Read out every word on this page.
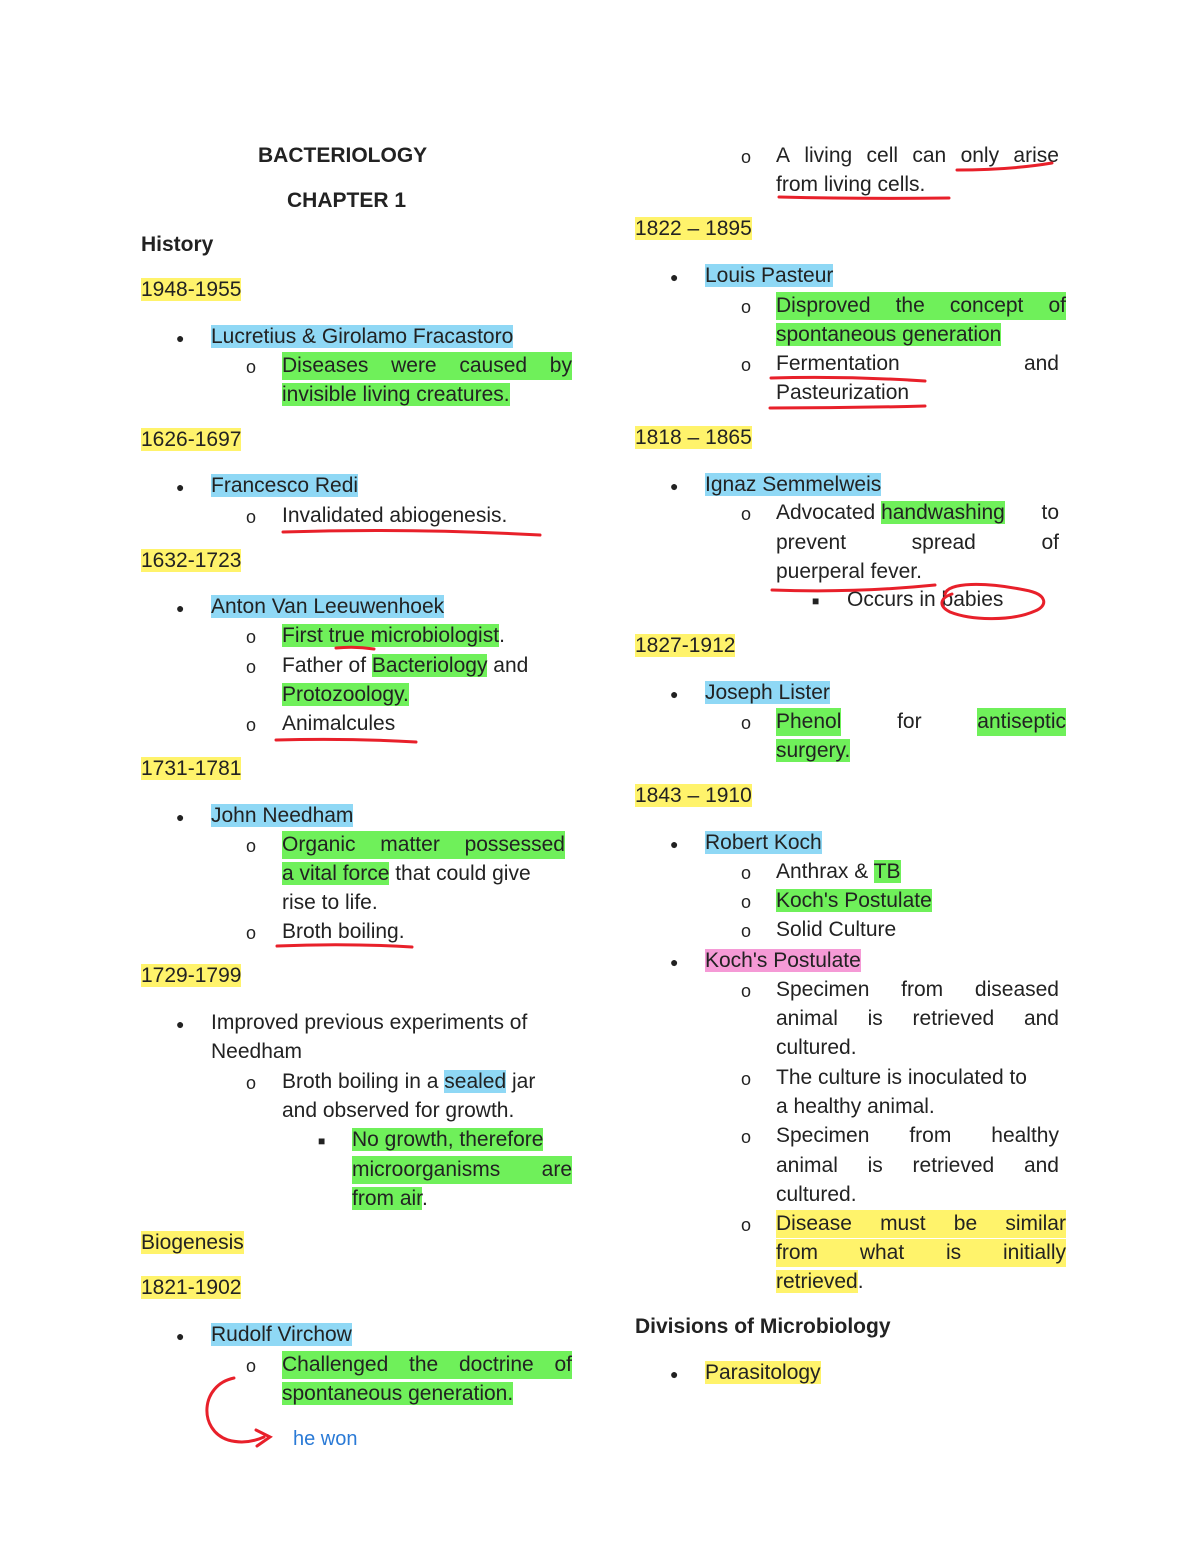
BACTERIOLOGY
CHAPTER 1
History
1948-1955
● Lucretius & Girolamo Fracastoro
o Diseases were caused by
invisible living creatures.
1626-1697
● Francesco Redi
o Invalidated abiogenesis.
1632-1723
● Anton Van Leeuwenhoek
o First true microbiologist.
o Father of Bacteriology and
Protozoology.
o Animalcules
1731-1781
● John Needham
o Organic matter possessed
a vital force that could give
rise to life.
o Broth boiling.
1729-1799
● Improved previous experiments of
Needham
o Broth boiling in a sealed jar
and observed for growth.
■ No growth, therefore
microorganisms are
from air.
Biogenesis
1821-1902
● Rudolf Virchow
o Challenged the doctrine of
spontaneous generation.
he won
o A living cell can only arise
from living cells.
1822 – 1895
● Louis Pasteur
o Disproved the concept of
spontaneous generation
o Fermentation	and
Pasteurization
1818 – 1865
● Ignaz Semmelweis
o Advocated handwashing to
prevent	spread	of
puerperal fever.
■ Occurs in babies
1827-1912
● Joseph Lister
o Phenol	for	antiseptic
surgery.
1843 – 1910
● Robert Koch
o Anthrax & TB
o Koch's Postulate
o Solid Culture
● Koch's Postulate
o Specimen from diseased
animal is retrieved and
cultured.
o The culture is inoculated to
a healthy animal.
o Specimen from healthy
animal is retrieved and
cultured.
o Disease must be similar
from what is initially
retrieved.
Divisions of Microbiology
● Parasitology
